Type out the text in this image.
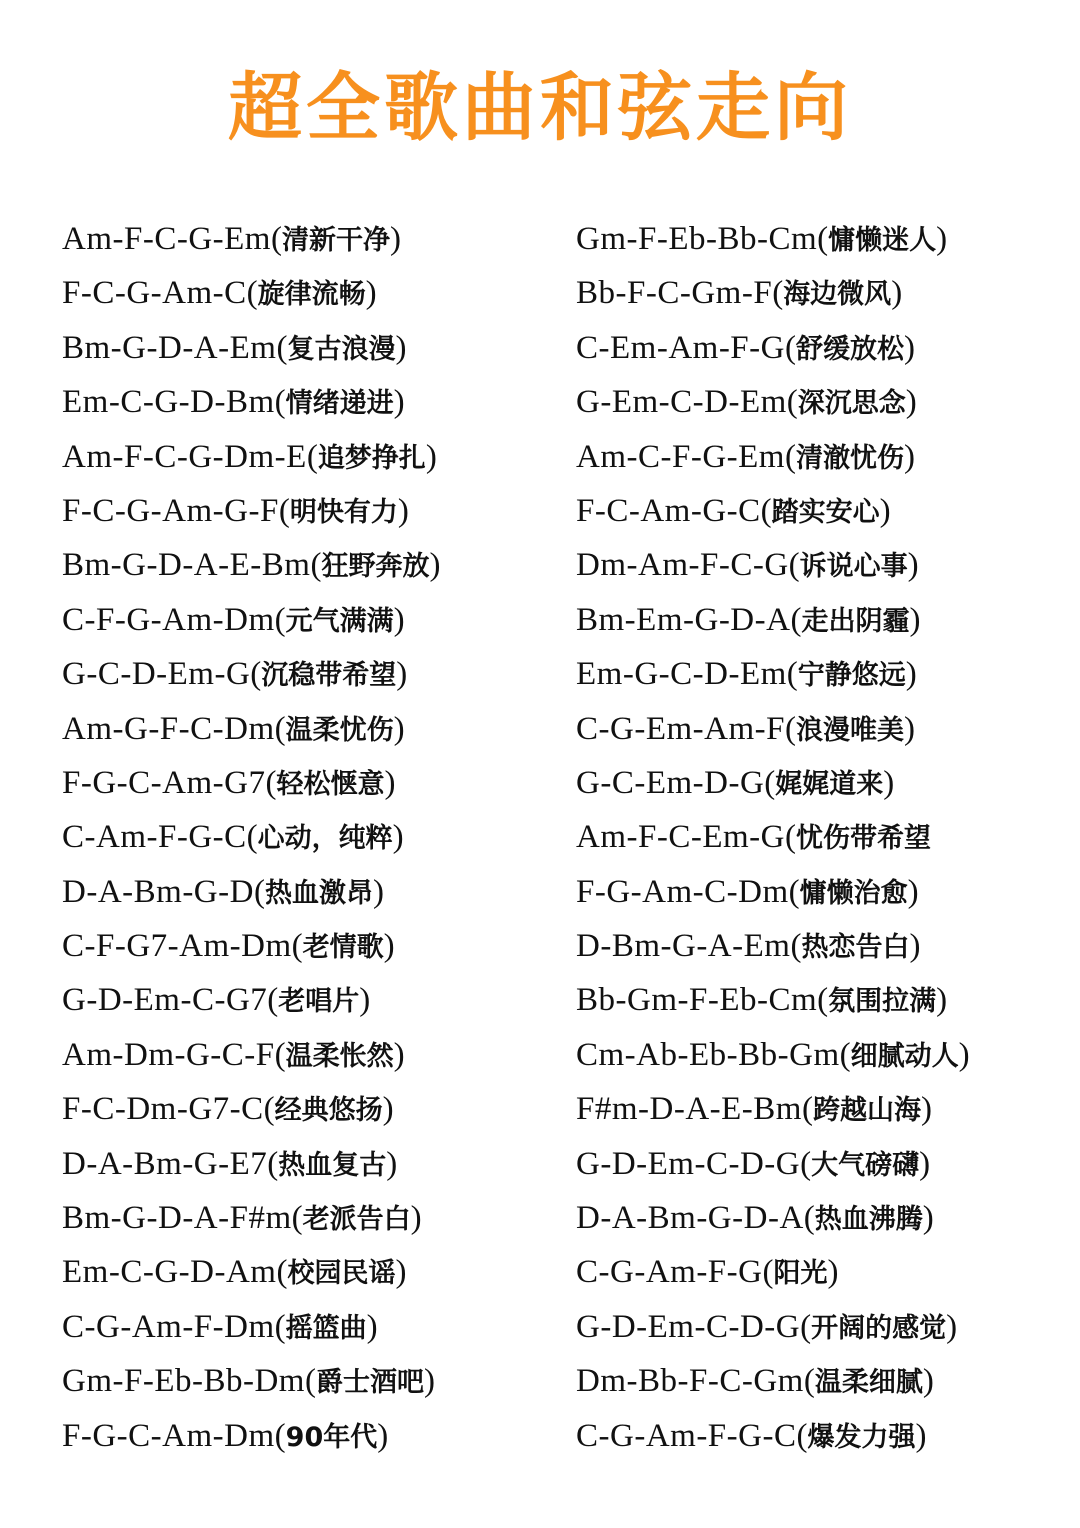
超全歌曲和弦走向
Am-F-C-G-Em(清新干净)
F-C-G-Am-C(旋律流畅)
Bm-G-D-A-Em(复古浪漫)
Em-C-G-D-Bm(情绪递进)
Am-F-C-G-Dm-E(追梦挣扎)
F-C-G-Am-G-F(明快有力)
Bm-G-D-A-E-Bm(狂野奔放)
C-F-G-Am-Dm(元气满满)
G-C-D-Em-G(沉稳带希望)
Am-G-F-C-Dm(温柔忧伤)
F-G-C-Am-G7(轻松惬意)
C-Am-F-G-C(心动，纯粹)
D-A-Bm-G-D(热血激昂)
C-F-G7-Am-Dm(老情歌)
G-D-Em-C-G7(老唱片)
Am-Dm-G-C-F(温柔怅然)
F-C-Dm-G7-C(经典悠扬)
D-A-Bm-G-E7(热血复古)
Bm-G-D-A-F#m(老派告白)
Em-C-G-D-Am(校园民谣)
C-G-Am-F-Dm(摇篮曲)
Gm-F-Eb-Bb-Dm(爵士酒吧)
F-G-C-Am-Dm(90年代)
Gm-F-Eb-Bb-Cm(慵懒迷人)
Bb-F-C-Gm-F(海边微风)
C-Em-Am-F-G(舒缓放松)
G-Em-C-D-Em(深沉思念)
Am-C-F-G-Em(清澈忧伤)
F-C-Am-G-C(踏实安心)
Dm-Am-F-C-G(诉说心事)
Bm-Em-G-D-A(走出阴霾)
Em-G-C-D-Em(宁静悠远)
C-G-Em-Am-F(浪漫唯美)
G-C-Em-D-G(娓娓道来)
Am-F-C-Em-G(忧伤带希望
F-G-Am-C-Dm(慵懒治愈)
D-Bm-G-A-Em(热恋告白)
Bb-Gm-F-Eb-Cm(氛围拉满)
Cm-Ab-Eb-Bb-Gm(细腻动人)
F#m-D-A-E-Bm(跨越山海)
G-D-Em-C-D-G(大气磅礴)
D-A-Bm-G-D-A(热血沸腾)
C-G-Am-F-G(阳光)
G-D-Em-C-D-G(开阔的感觉)
Dm-Bb-F-C-Gm(温柔细腻)
C-G-Am-F-G-C(爆发力强)
